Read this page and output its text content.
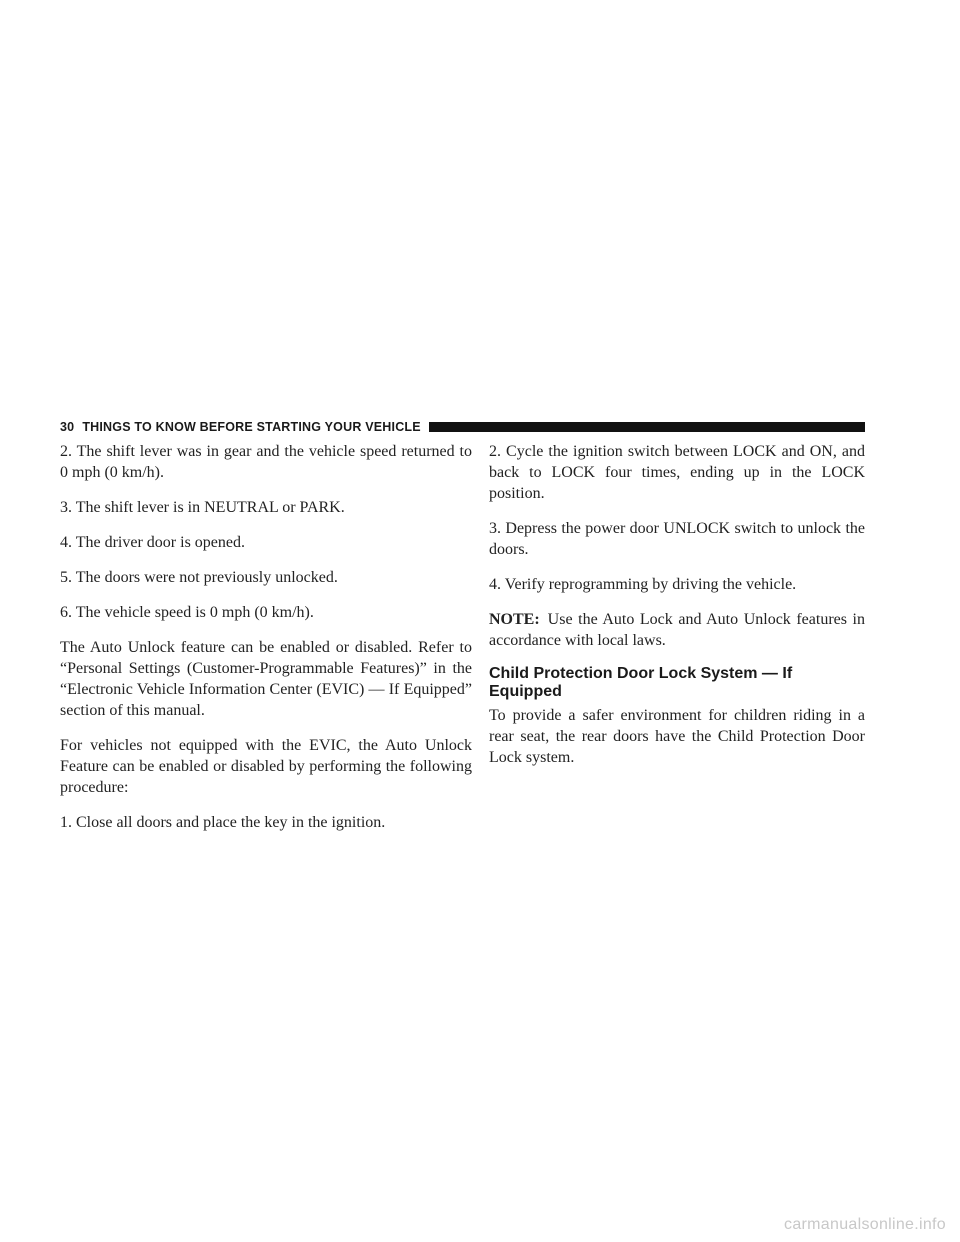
30 THINGS TO KNOW BEFORE STARTING YOUR VEHICLE

2. The shift lever was in gear and the vehicle speed returned to 0 mph (0 km/h).

3. The shift lever is in NEUTRAL or PARK.

4. The driver door is opened.

5. The doors were not previously unlocked.

6. The vehicle speed is 0 mph (0 km/h).

The Auto Unlock feature can be enabled or disabled. Refer to “Personal Settings (Customer-Programmable Features)” in the “Electronic Vehicle Information Center (EVIC) — If Equipped” section of this manual.

For vehicles not equipped with the EVIC, the Auto Unlock Feature can be enabled or disabled by performing the following procedure:

1. Close all doors and place the key in the ignition.

2. Cycle the ignition switch between LOCK and ON, and back to LOCK four times, ending up in the LOCK position.

3. Depress the power door UNLOCK switch to unlock the doors.

4. Verify reprogramming by driving the vehicle.

NOTE: Use the Auto Lock and Auto Unlock features in accordance with local laws.

Child Protection Door Lock System — If Equipped

To provide a safer environment for children riding in a rear seat, the rear doors have the Child Protection Door Lock system.

carmanualsonline.info
